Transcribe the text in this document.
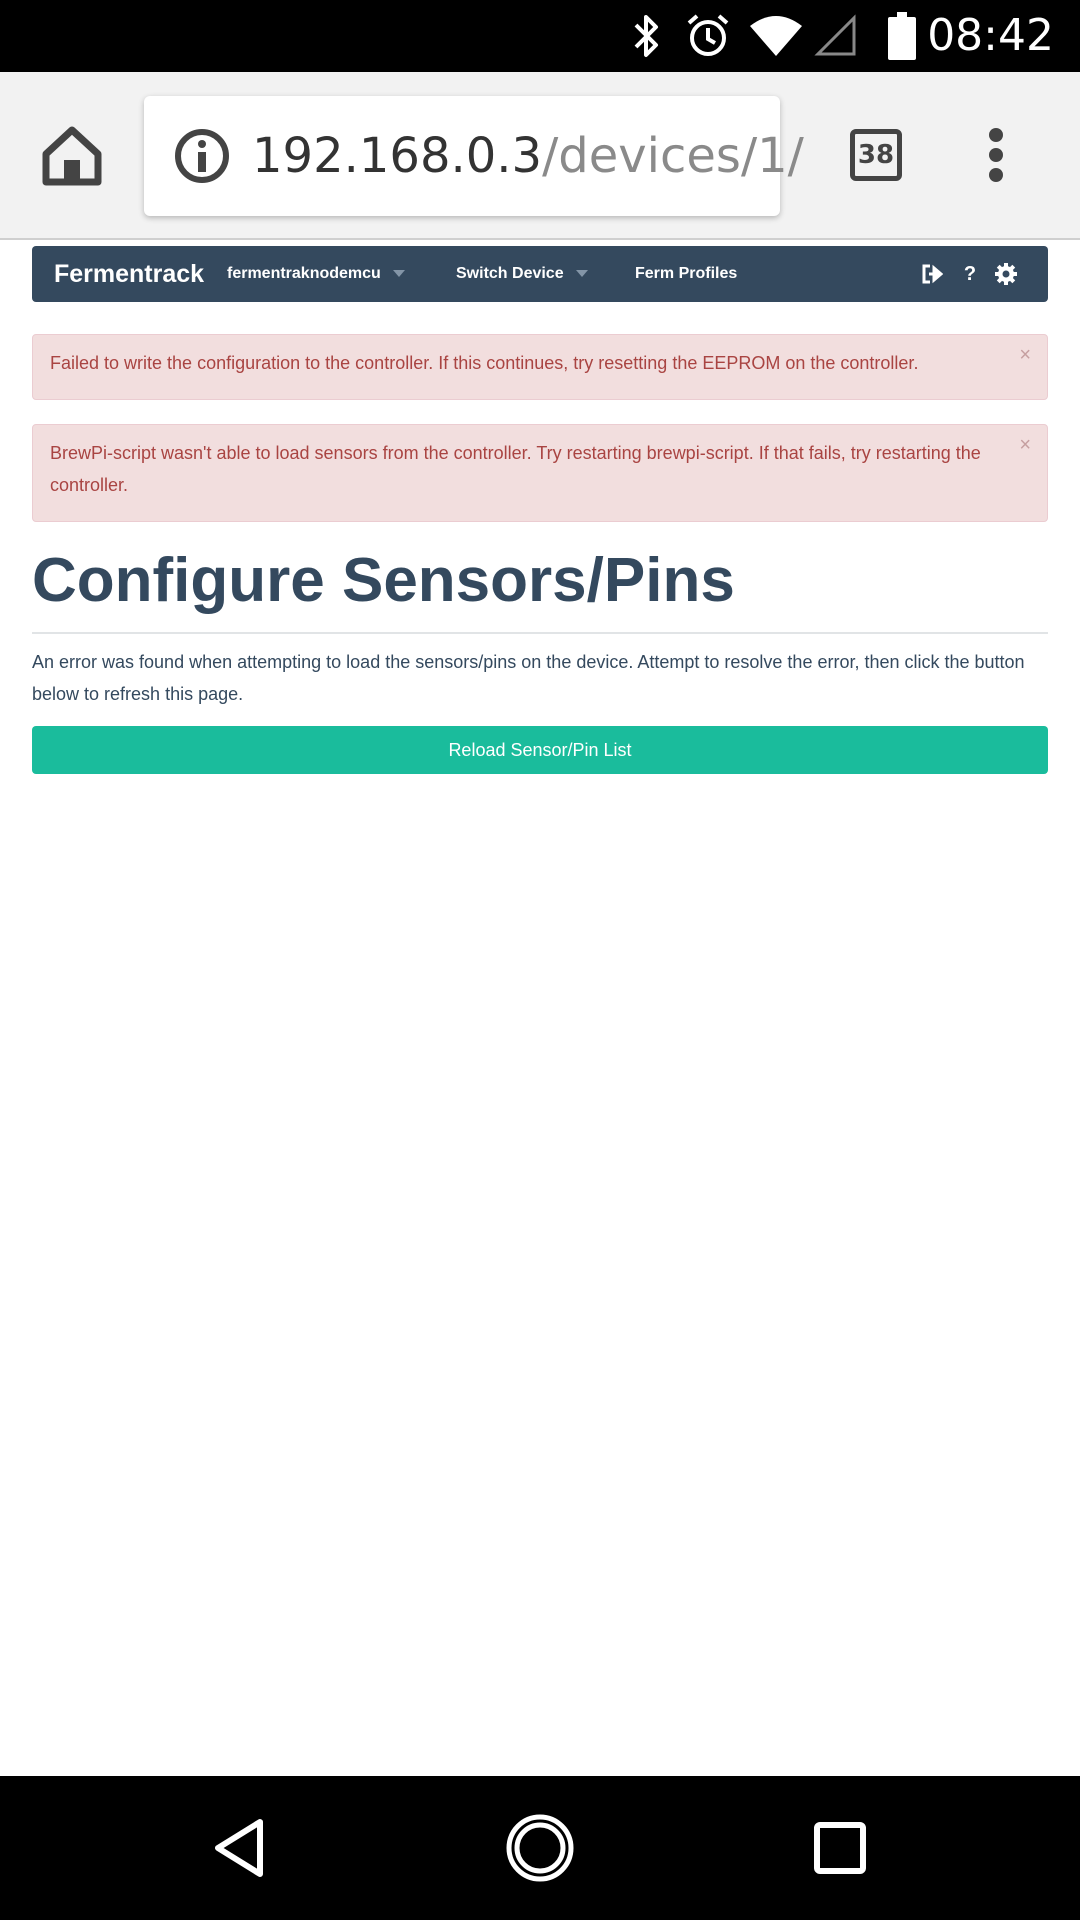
08:42
192.168.0.3/devices/1/	38
Fermentrack fermentraknodemcu	Switch Device	Ferm Profiles	?
Failed to write the configuration to the controller. If this continues, try resetting the EEPROM on the controller.	×
BrewPi-script wasn't able to load sensors from the controller. Try restarting brewpi-script. If that fails, try restarting the controller.
×
Configure Sensors/Pins

An error was found when attempting to load the sensors/pins on the device. Attempt to resolve the error, then click the button below to refresh this page.

Reload Sensor/Pin List
